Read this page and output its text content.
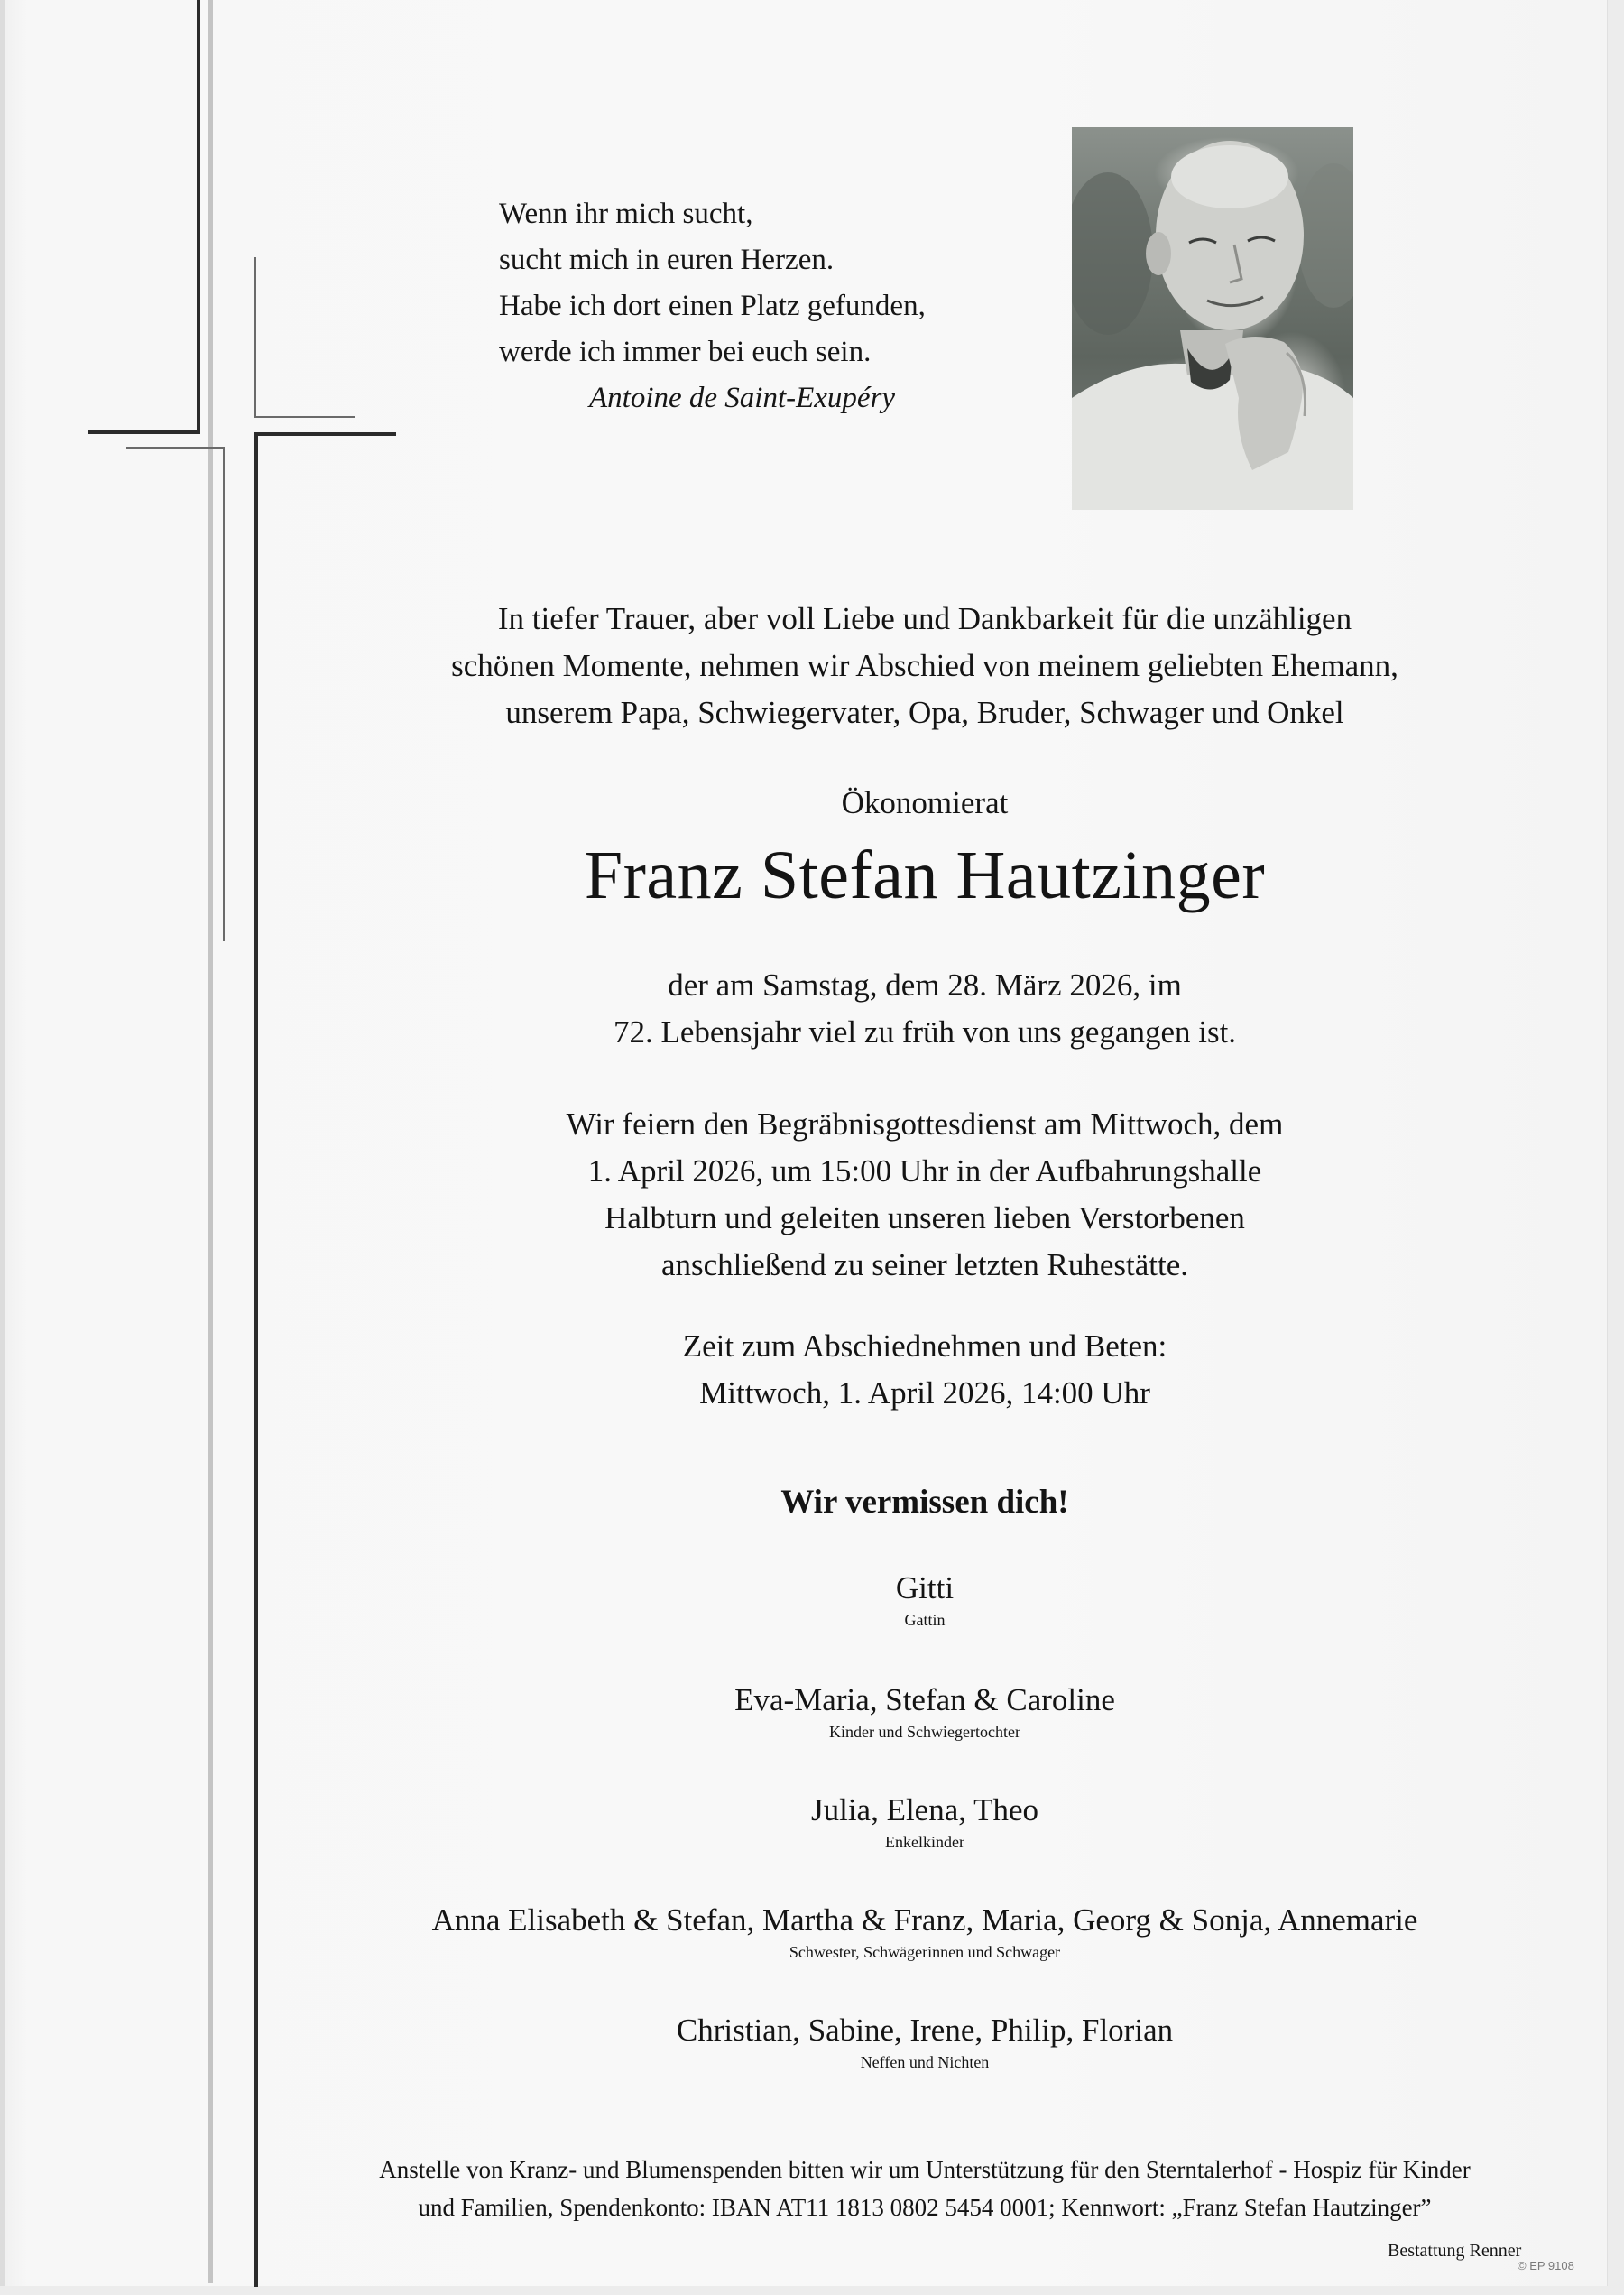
Wenn ihr mich sucht,
sucht mich in euren Herzen.
Habe ich dort einen Platz gefunden,
werde ich immer bei euch sein.
Antoine de Saint-Exupéry
In tiefer Trauer, aber voll Liebe und Dankbarkeit für die unzähligen
schönen Momente, nehmen wir Abschied von meinem geliebten Ehemann,
unserem Papa, Schwiegervater, Opa, Bruder, Schwager und Onkel
Ökonomierat
Franz Stefan Hautzinger
der am Samstag, dem 28. März 2026, im
72. Lebensjahr viel zu früh von uns gegangen ist.
Wir feiern den Begräbnisgottesdienst am Mittwoch, dem
1. April 2026, um 15:00 Uhr in der Aufbahrungshalle
Halbturn und geleiten unseren lieben Verstorbenen
anschließend zu seiner letzten Ruhestätte.
Zeit zum Abschiednehmen und Beten:
Mittwoch, 1. April 2026, 14:00 Uhr
Wir vermissen dich!
Gitti
Gattin
Eva-Maria, Stefan & Caroline
Kinder und Schwiegertochter
Julia, Elena, Theo
Enkelkinder
Anna Elisabeth & Stefan, Martha & Franz, Maria, Georg & Sonja, Annemarie
Schwester, Schwägerinnen und Schwager
Christian, Sabine, Irene, Philip, Florian
Neffen und Nichten
Anstelle von Kranz- und Blumenspenden bitten wir um Unterstützung für den Sterntalerhof - Hospiz für Kinder
und Familien, Spendenkonto: IBAN AT11 1813 0802 5454 0001; Kennwort: „Franz Stefan Hautzinger”
Bestattung Renner
© EP 9108
